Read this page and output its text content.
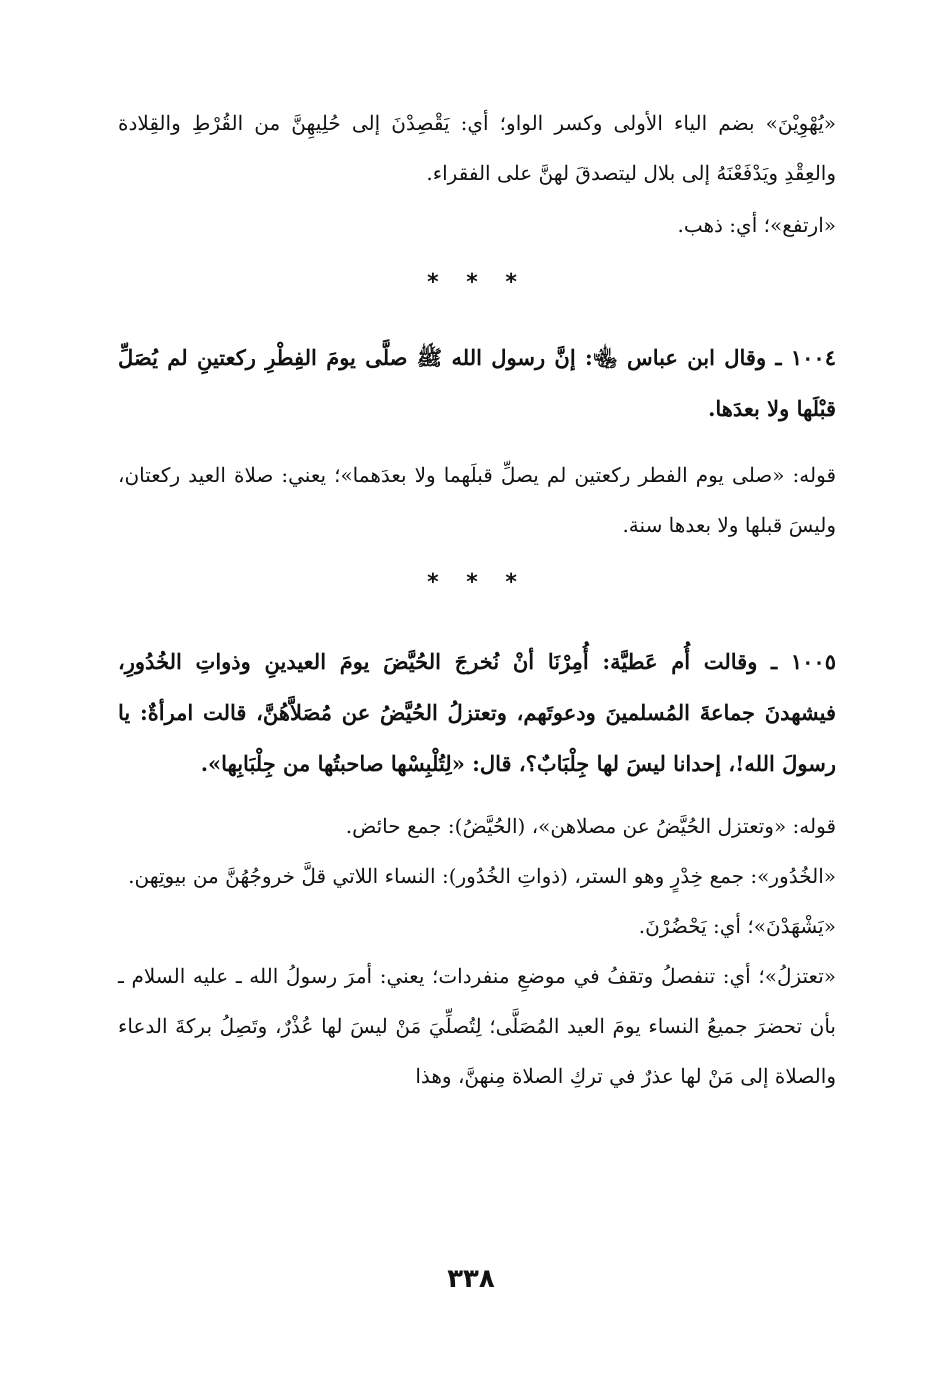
«يُهْوِيْنَ» بضم الياء الأولى وكسر الواو؛ أي: يَقْصِدْنَ إلى حُلِيهِنَّ من القُرْطِ والقِلادة والعِقْدِ ويَدْفَعْنَهُ إلى بلال ليتصدقَ لهنَّ على الفقراء.

«ارتفع»؛ أي: ذهب.

* * *

١٠٠٤ ـ وقال ابن عباس ﵄: إنَّ رسول الله ﷺ صلَّى يومَ الفِطْرِ ركعتينِ لم يُصَلِّ قبْلَها ولا بعدَها.

قوله: «صلى يوم الفطر ركعتين لم يصلِّ قبلَهما ولا بعدَهما»؛ يعني: صلاة العيد ركعتان، وليسَ قبلها ولا بعدها سنة.

* * *

١٠٠٥ ـ وقالت أُم عَطيَّة: أُمِرْنَا أنْ نُخرجَ الحُيَّضَ يومَ العيدينِ وذواتِ الخُدُورِ، فيشهدنَ جماعةَ المُسلمينَ ودعوتَهم، وتعتزلُ الحُيَّضُ عن مُصَلاَّهُنَّ، قالت امرأةٌ: يا رسولَ الله!، إحدانا ليسَ لها جِلْبَابٌ؟، قال: «لِتُلْبِسْها صاحبتُها من جِلْبَابِها».

قوله: «وتعتزل الحُيَّضُ عن مصلاهن»، (الحُيَّضُ): جمع حائض.

«الخُدُور»: جمع خِدْرٍ وهو الستر، (ذواتِ الخُدُور): النساء اللاتي قلَّ خروجُهُنَّ من بيوتِهن.

«يَشْهَدْنَ»؛ أي: يَحْضُرْنَ.

«تعتزلُ»؛ أي: تنفصلُ وتقفُ في موضعِ منفردات؛ يعني: أمرَ رسولُ الله ـ عليه السلام ـ بأن تحضرَ جميعُ النساء يومَ العيد المُصَلَّى؛ لِتُصلِّيَ مَنْ ليسَ لها عُذْرٌ، وتَصِلُ بركةَ الدعاء والصلاة إلى مَنْ لها عذرٌ في تركِ الصلاة مِنهنَّ، وهذا

٣٣٨
